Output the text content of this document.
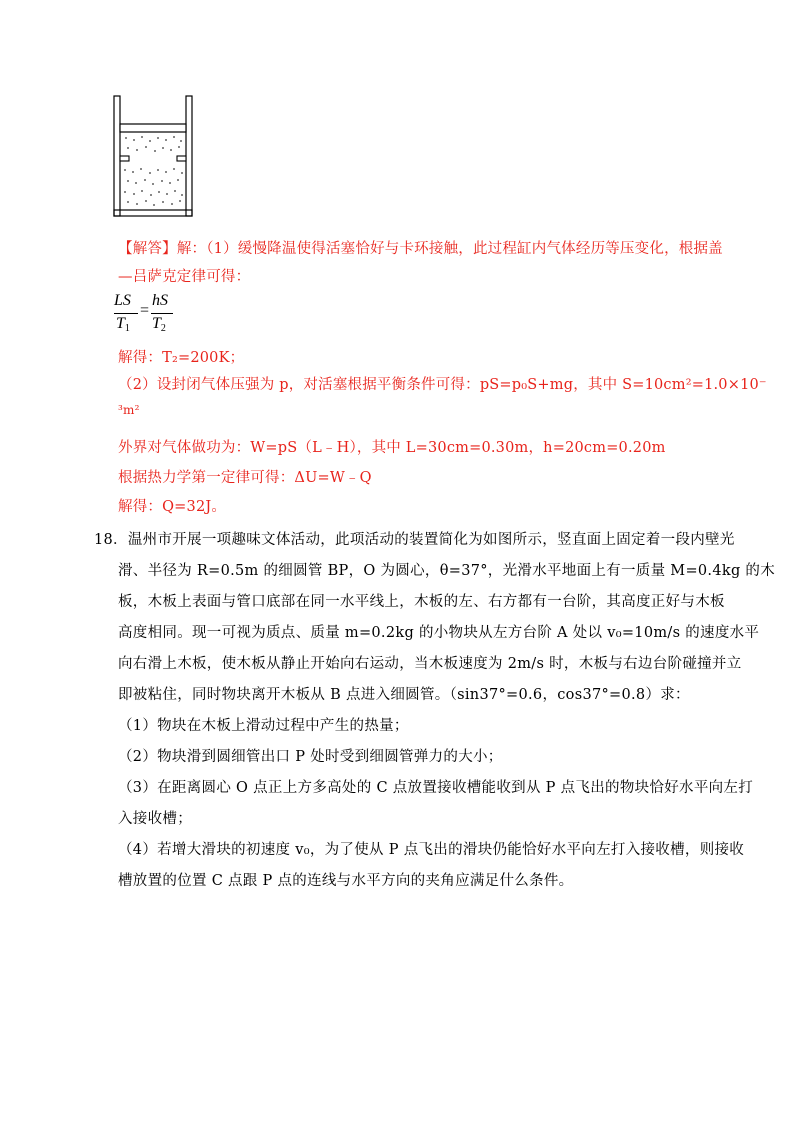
【解答】解：（1）缓慢降温使得活塞恰好与卡环接触，此过程缸内气体经历等压变化，根据盖
—吕萨克定律可得：
LS
$T_1$
=
hS
$T_2$
解得：T₂=200K；
（2）设封闭气体压强为 p，对活塞根据平衡条件可得：pS=p₀S+mg，其中 S=10cm²=1.0×10⁻
³m²
外界对气体做功为：W=pS（L﹣H），其中 L=30cm=0.30m，h=20cm=0.20m
根据热力学第一定律可得：ΔU=W﹣Q
解得：Q=32J。
18．温州市开展一项趣味文体活动，此项活动的装置简化为如图所示，竖直面上固定着一段内壁光
滑、半径为 R=0.5m 的细圆管 BP，O 为圆心，θ=37°，光滑水平地面上有一质量 M=0.4kg 的木
板，木板上表面与管口底部在同一水平线上，木板的左、右方都有一台阶，其高度正好与木板
高度相同。现一可视为质点、质量 m=0.2kg 的小物块从左方台阶 A 处以 v₀=10m/s 的速度水平
向右滑上木板，使木板从静止开始向右运动，当木板速度为 2m/s 时，木板与右边台阶碰撞并立
即被粘住，同时物块离开木板从 B 点进入细圆管。（sin37°=0.6，cos37°=0.8）求：
（1）物块在木板上滑动过程中产生的热量；
（2）物块滑到圆细管出口 P 处时受到细圆管弹力的大小；
（3）在距离圆心 O 点正上方多高处的 C 点放置接收槽能收到从 P 点飞出的物块恰好水平向左打
入接收槽；
（4）若增大滑块的初速度 v₀，为了使从 P 点飞出的滑块仍能恰好水平向左打入接收槽，则接收
槽放置的位置 C 点跟 P 点的连线与水平方向的夹角应满足什么条件。
